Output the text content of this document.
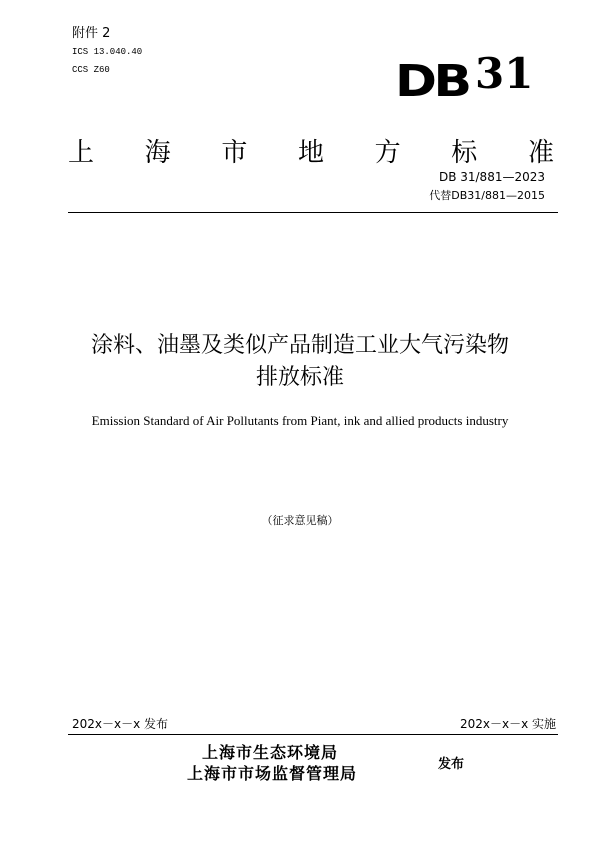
附件 2
ICS 13.040.40
CCS Z60	DB 31
上 海 市 地 方 标 准
DB 31/881—2023
代替DB31/881—2015
涂料、油墨及类似产品制造工业大气污染物
排放标准
Emission Standard of Air Pollutants from Piant, ink and allied products industry
（征求意见稿）
202x－x－x 发布	202x－x－x 实施
上海市生态环境局
上海市市场监督管理局	发布
